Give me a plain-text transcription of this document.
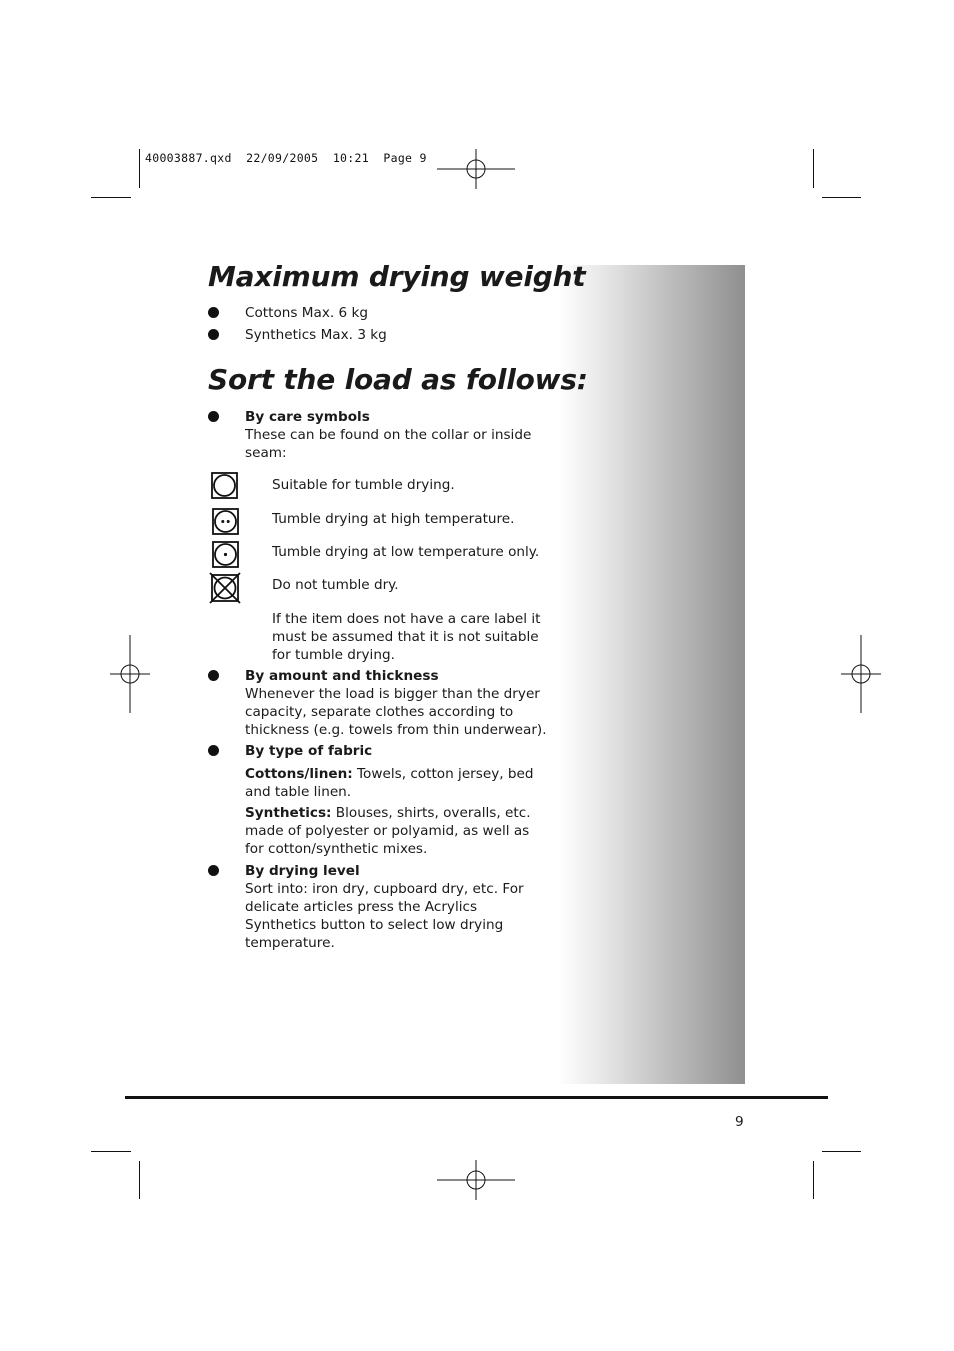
40003887.qxd  22/09/2005  10:21  Page 9
Maximum drying weight
Cottons Max. 6 kg
Synthetics Max. 3 kg
Sort the load as follows:
By care symbols
These can be found on the collar or inside seam:
Suitable for tumble drying.
Tumble drying at high temperature.
Tumble drying at low temperature only.
Do not tumble dry.
If the item does not have a care label it must be assumed that it is not suitable for tumble drying.
By amount and thickness
Whenever the load is bigger than the dryer capacity, separate clothes according to thickness (e.g. towels from thin underwear).
By type of fabric
Cottons/linen: Towels, cotton jersey, bed and table linen.
Synthetics: Blouses, shirts, overalls, etc. made of polyester or polyamid, as well as for cotton/synthetic mixes.
By drying level
Sort into: iron dry, cupboard dry, etc. For delicate articles press the Acrylics Synthetics button to select low drying temperature.
9
